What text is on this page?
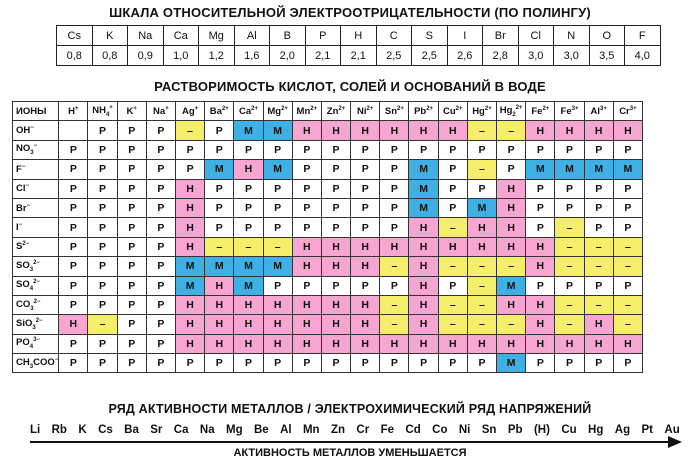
ШКАЛА ОТНОСИТЕЛЬНОЙ ЭЛЕКТРООТРИЦАТЕЛЬНОСТИ (ПО ПОЛИНГУ)
Cs	K	Na	Ca	Mg	Al	B	P	H	C	S	I	Br	Cl	N	O	F
0,8	0,8	0,9	1,0	1,2	1,6	2,0	2,1	2,1	2,5	2,5	2,6	2,8	3,0	3,0	3,5	4,0
РАСТВОРИМОСТЬ КИСЛОТ, СОЛЕЙ И ОСНОВАНИЙ В ВОДЕ
ИОНЫ	H+	$NH_4^+$	K+	Na+	Ag+	$Ba^{2+}$	$Ca^{2+}$	$Mg^{2+}$	$Mn^{2+}$	$Zn^{2+}$	$Ni^{2+}$	$Sn^{2+}$	$Pb^{2+}$	$Cu^{2+}$	$Hg^{2+}$	$Hg_2^{2+}$	$Fe^{2+}$	$Fe^{3+}$	$Al^{3+}$	$Cr^{3+}$
OH−		Р	Р	Р	–	Р	М	М	Н	Н	Н	Н	Н	Н	–	–	Н	Н	Н	Н
$NO_3^-$	Р	Р	Р	Р	Р	Р	Р	Р	Р	Р	Р	Р	Р	Р	Р	Р	Р	Р	Р	Р
F−	Р	Р	Р	Р	Р	М	Н	М	Р	Р	Р	Р	М	Р	–	Р	М	М	М	М
Cl−	Р	Р	Р	Р	Н	Р	Р	Р	Р	Р	Р	Р	М	Р	Р	Н	Р	Р	Р	Р
Br−	Р	Р	Р	Р	Н	Р	Р	Р	Р	Р	Р	Р	М	Р	М	Н	Р	Р	Р	Р
I−	Р	Р	Р	Р	Н	Р	Р	Р	Р	Р	Р	Р	Н	–	Н	Н	Р	–	Р	Р
$S^{2-}$	Р	Р	Р	Р	Н	–	–	–	Н	Н	Н	Н	Н	Н	Н	Н	Н	–	–	–
$SO_3^{2-}$	Р	Р	Р	Р	М	М	М	М	Н	Н	Н	–	Н	–	–	–	Н	–	–	–
$SO_4^{2-}$	Р	Р	Р	Р	М	Н	М	Р	Р	Р	Р	Р	Н	Р	–	М	Р	Р	Р	Р
$CO_3^{2-}$	Р	Р	Р	Р	Н	Н	Н	Н	Н	Н	Н	–	Н	–	–	Н	Н	–	–	–
SiO$_3^{2-}$	Н	–	Р	Р	Н	Н	Н	Н	Н	Н	Н	–	Н	–	–	–	Н	–	Н	–
$PO_4^{3-}$	Р	Р	Р	Р	Н	Н	Н	Н	Н	Н	Н	Н	Н	Н	Н	Н	Н	Н	Н	Н
$CH_3COO^-$	Р	Р	Р	Р	Р	Р	Р	Р	Р	Р	Р	Р	Р	Р	Р	М	Р	Р	Р	Р
РЯД АКТИВНОСТИ МЕТАЛЛОВ / ЭЛЕКТРОХИМИЧЕСКИЙ РЯД НАПРЯЖЕНИЙ
Li Rb K Cs Ba Sr Ca Na Mg Be Al Mn Zn Cr Fe Cd Co Ni Sn Pb (H) Cu Hg Ag Pt Au
АКТИВНОСТЬ МЕТАЛЛОВ УМЕНЬШАЕТСЯ
